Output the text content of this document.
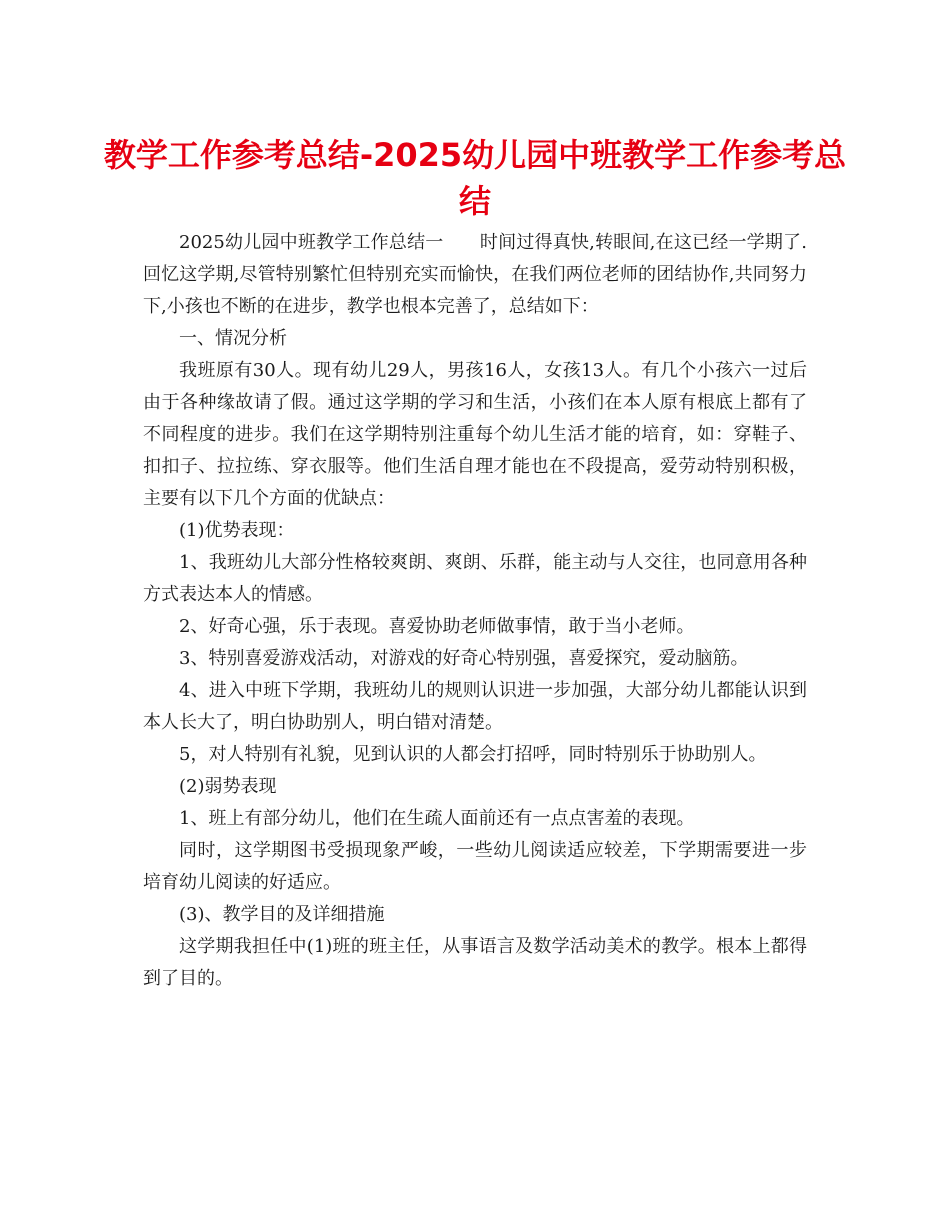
教学工作参考总结-2025幼儿园中班教学工作参考总结

2025幼儿园中班教学工作总结一　　时间过得真快,转眼间,在这已经一学期了.回忆这学期,尽管特别繁忙但特别充实而愉快，在我们两位老师的团结协作,共同努力下,小孩也不断的在进步，教学也根本完善了，总结如下：

一、情况分析

我班原有30人。现有幼儿29人，男孩16人，女孩13人。有几个小孩六一过后由于各种缘故请了假。通过这学期的学习和生活，小孩们在本人原有根底上都有了不同程度的进步。我们在这学期特别注重每个幼儿生活才能的培育，如：穿鞋子、扣扣子、拉拉练、穿衣服等。他们生活自理才能也在不段提高，爱劳动特别积极，主要有以下几个方面的优缺点：

(1)优势表现：

1、我班幼儿大部分性格较爽朗、爽朗、乐群，能主动与人交往，也同意用各种方式表达本人的情感。

2、好奇心强，乐于表现。喜爱协助老师做事情，敢于当小老师。

3、特别喜爱游戏活动，对游戏的好奇心特别强，喜爱探究，爱动脑筋。

4、进入中班下学期，我班幼儿的规则认识进一步加强，大部分幼儿都能认识到本人长大了，明白协助别人，明白错对清楚。

5，对人特别有礼貌，见到认识的人都会打招呼，同时特别乐于协助别人。

(2)弱势表现

1、班上有部分幼儿，他们在生疏人面前还有一点点害羞的表现。

同时，这学期图书受损现象严峻，一些幼儿阅读适应较差，下学期需要进一步培育幼儿阅读的好适应。

(3)、教学目的及详细措施

这学期我担任中(1)班的班主任，从事语言及数学活动美术的教学。根本上都得到了目的。
